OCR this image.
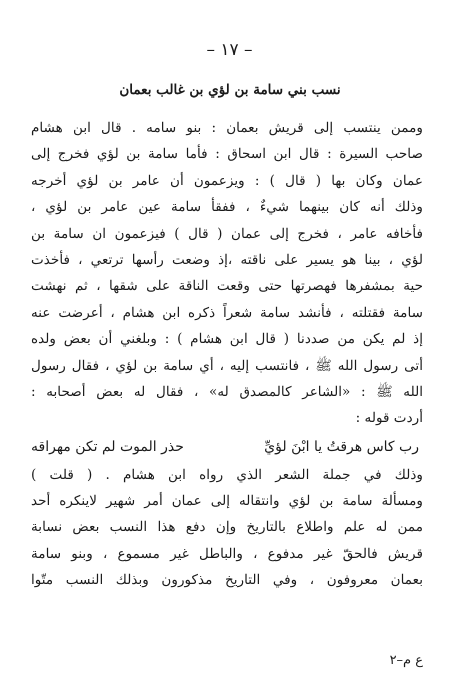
– ١٧ –
نسب بني سامة بن لؤي بن غالب بعمان
وممن ينتسب إلى قريش بعمان : بنو سامه . قال ابن هشام
صاحب السيرة : قال ابن اسحاق : فأما سامة بن لؤي فخرج إلى
عمان وكان بها ( قال ) : ويزعمون أن عامر بن لؤي أخرجه
وذلك أنه كان بينهما شيءٌ ، ففقأ سامة عين عامر بن لؤي ،
فأخافه عامر ، فخرج إلى عمان ( قال ) فيزعمون ان سامة بن
لؤي ، بينا هو يسير على ناقته ،إذ وضعت رأسها ترتعي ، فأخذت
حية بمشفرها فهصرتها حتى وقعت الناقة على شقها ، ثم نهشت
سامة فقتلته ، فأنشد سامة شعراً ذكره ابن هشام ، أعرضت عنه
إذ لم يكن من صددنا ( قال ابن هشام ) : وبلغني أن بعض ولده
أتى رسول الله ﷺ ، فانتسب إليه ، أي سامة بن لؤي ، فقال رسول
الله ﷺ : «الشاعر كالمصدق له» ، فقال له بعض أصحابه :
أردت قوله :
رب كاس هرقتُ يا ابْنَ لؤيِّ
حذر الموت لم تكن مهراقه
وذلك في جملة الشعر الذي رواه ابن هشام . ( قلت )
ومسألة سامة بن لؤي وانتقاله إلى عمان أمر شهير لاينكره أحد
ممن له علم واطلاع بالتاريخ وإن دفع هذا النسب بعض نسابة
قريش فالحقّ غير مدفوع ، والباطل غير مسموع ، وبنو سامة
بعمان معروفون ، وفي التاريخ مذكورون وبذلك النسب متّوا
ع م–٢
